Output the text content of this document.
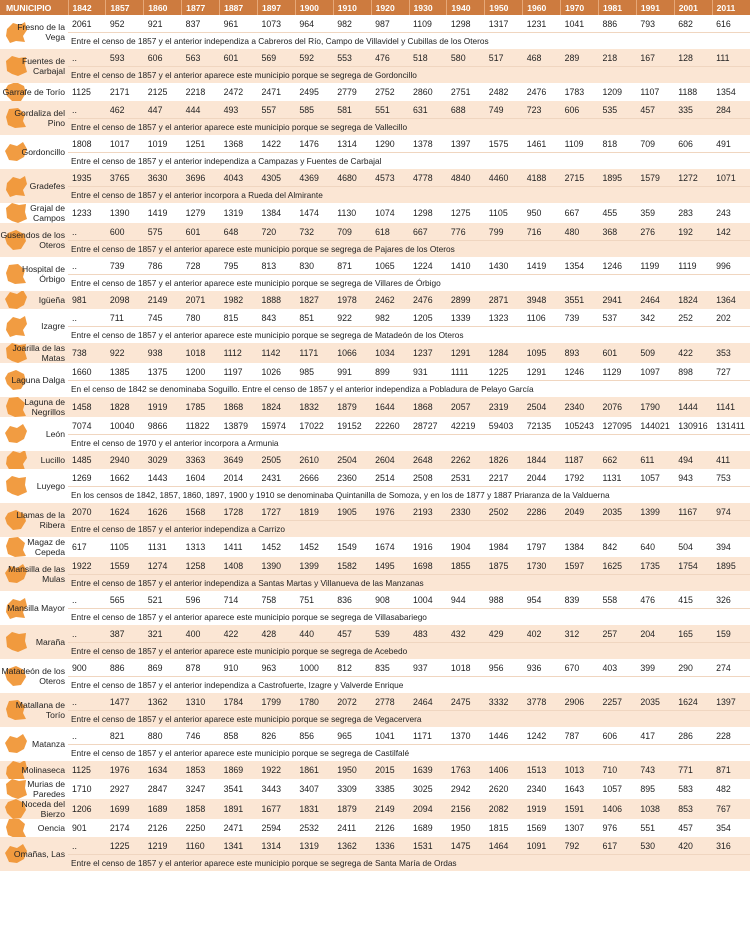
MUNICIPIO	1842	1857	1860	1877	1887	1897	1900	1910	1920	1930	1940	1950	1960	1970	1981	1991	2001	2011

Fresno de la Vega	2061	952	921	837	961	1073	964	982	987	1109	1298	1317	1231	1041	886	793	682	616
	Entre el censo de 1857 y el anterior independiza a Cabreros del Río, Campo de Villavidel y Cubillas de los Oteros																	

Fuentes de Carbajal	..	593	606	563	601	569	592	553	476	518	580	517	468	289	218	167	128	111
	Entre el censo de 1857 y el anterior aparece este municipio porque se segrega de Gordoncillo																	

Garrafe de Torío	1125	2171	2125	2218	2472	2471	2495	2779	2752	2860	2751	2482	2476	1783	1209	1107	1188	1354

Gordaliza del Pino	..	462	447	444	493	557	585	581	551	631	688	749	723	606	535	457	335	284
	Entre el censo de 1857 y el anterior aparece este municipio porque se segrega de Vallecillo																	

Gordoncillo	1808	1017	1019	1251	1368	1422	1476	1314	1290	1378	1397	1575	1461	1109	818	709	606	491
	Entre el censo de 1857 y el anterior independiza a Campazas y Fuentes de Carbajal																	

Gradefes	1935	3765	3630	3696	4043	4305	4369	4680	4573	4778	4840	4460	4188	2715	1895	1579	1272	1071
	Entre el censo de 1857 y el anterior incorpora a Rueda del Almirante																	

Grajal de Campos	1233	1390	1419	1279	1319	1384	1474	1130	1074	1298	1275	1105	950	667	455	359	283	243

Gusendos de los Oteros	..	600	575	601	648	720	732	709	618	667	776	799	716	480	368	276	192	142
	Entre el censo de 1857 y el anterior aparece este municipio porque se segrega de Pajares de los Oteros																	

Hospital de Órbigo	..	739	786	728	795	813	830	871	1065	1224	1410	1430	1419	1354	1246	1199	1119	996
	Entre el censo de 1857 y el anterior aparece este municipio porque se segrega de Villares de Órbigo																	

Igüeña	981	2098	2149	2071	1982	1888	1827	1978	2462	2476	2899	2871	3948	3551	2941	2464	1824	1364

Izagre	..	711	745	780	815	843	851	922	982	1205	1339	1323	1106	739	537	342	252	202
	Entre el censo de 1857 y el anterior aparece este municipio porque se segrega de Matadeón de los Oteros																	

Joarilla de las Matas	738	922	938	1018	1112	1142	1171	1066	1034	1237	1291	1284	1095	893	601	509	422	353

Laguna Dalga	1660	1385	1375	1200	1197	1026	985	991	899	931	1111	1225	1291	1246	1129	1097	898	727
	En el censo de 1842 se denominaba Soguillo. Entre el censo de 1857 y el anterior independiza a Pobladura de Pelayo García																	

Laguna de Negrillos	1458	1828	1919	1785	1868	1824	1832	1879	1644	1868	2057	2319	2504	2340	2076	1790	1444	1141

León	7074	10040	9866	11822	13879	15974	17022	19152	22260	28727	42219	59403	72135	105243	127095	144021	130916	131411
	Entre el censo de 1970 y el anterior incorpora a Armunia																	

Lucillo	1485	2940	3029	3363	3649	2505	2610	2504	2604	2648	2262	1826	1844	1187	662	611	494	411

Luyego	1269	1662	1443	1604	2014	2431	2666	2360	2514	2508	2531	2217	2044	1792	1131	1057	943	753
	En los censos de 1842, 1857, 1860, 1897, 1900 y 1910 se denominaba Quintanilla de Somoza, y en los de 1877 y 1887 Priaranza de la Valduerna																	

Llamas de la Ribera	2070	1624	1626	1568	1728	1727	1819	1905	1976	2193	2330	2502	2286	2049	2035	1399	1167	974
	Entre el censo de 1857 y el anterior independiza a Carrizo																	

Magaz de Cepeda	617	1105	1131	1313	1411	1452	1452	1549	1674	1916	1904	1984	1797	1384	842	640	504	394

Mansilla de las Mulas	1922	1559	1274	1258	1408	1390	1399	1582	1495	1698	1855	1875	1730	1597	1625	1735	1754	1895
	Entre el censo de 1857 y el anterior independiza a Santas Martas y Villanueva de las Manzanas																	

Mansilla Mayor	..	565	521	596	714	758	751	836	908	1004	944	988	954	839	558	476	415	326
	Entre el censo de 1857 y el anterior aparece este municipio porque se segrega de Villasabariego																	

Maraña	..	387	321	400	422	428	440	457	539	483	432	429	402	312	257	204	165	159
	Entre el censo de 1857 y el anterior aparece este municipio porque se segrega de Acebedo																	

Matadeón de los Oteros	900	886	869	878	910	963	1000	812	835	937	1018	956	936	670	403	399	290	274
	Entre el censo de 1857 y el anterior independiza a Castrofuerte, Izagre y Valverde Enrique																	

Matallana de Torío	..	1477	1362	1310	1784	1799	1780	2072	2778	2464	2475	3332	3778	2906	2257	2035	1624	1397
	Entre el censo de 1857 y el anterior aparece este municipio porque se segrega de Vegacervera																	

Matanza	..	821	880	746	858	826	856	965	1041	1171	1370	1446	1242	787	606	417	286	228
	Entre el censo de 1857 y el anterior aparece este municipio porque se segrega de Castilfalé																	

Molinaseca	1125	1976	1634	1853	1869	1922	1861	1950	2015	1639	1763	1406	1513	1013	710	743	771	871

Murias de Paredes	1710	2927	2847	3247	3541	3443	3407	3309	3385	3025	2942	2620	2340	1643	1057	895	583	482

Noceda del Bierzo	1206	1699	1689	1858	1891	1677	1831	1879	2149	2094	2156	2082	1919	1591	1406	1038	853	767

Oencia	901	2174	2126	2250	2471	2594	2532	2411	2126	1689	1950	1815	1569	1307	976	551	457	354

Omañas, Las	..	1225	1219	1160	1341	1314	1319	1362	1336	1531	1475	1464	1091	792	617	530	420	316
	Entre el censo de 1857 y el anterior aparece este municipio porque se segrega de Santa María de Ordas																	
